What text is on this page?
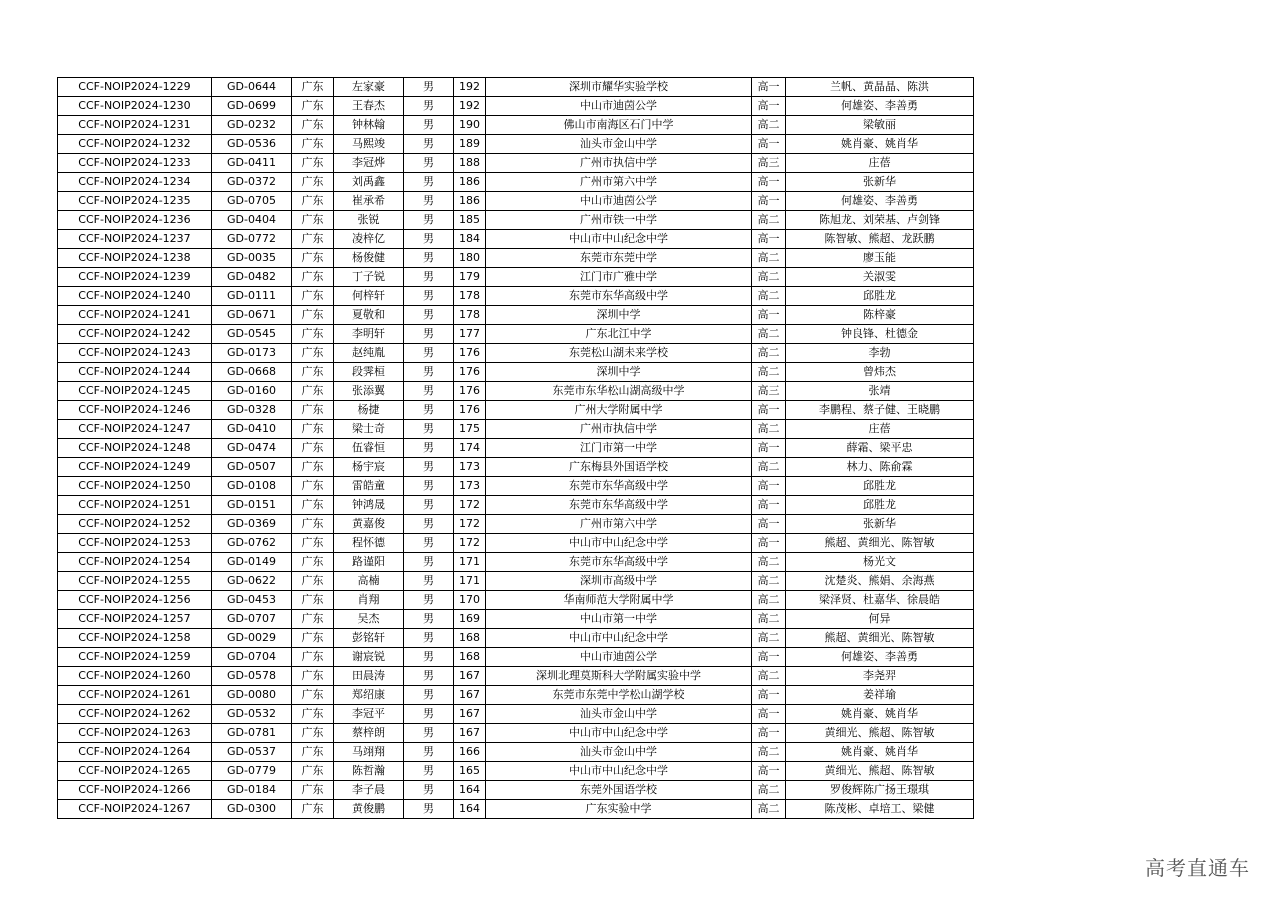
CCF-NOIP2024-1229	GD-0644	广东	左家豪	男	192	深圳市耀华实验学校	高一	兰帆、黄晶晶、陈洪
CCF-NOIP2024-1230	GD-0699	广东	王春杰	男	192	中山市迪茵公学	高一	何雄姿、李善勇
CCF-NOIP2024-1231	GD-0232	广东	钟林翰	男	190	佛山市南海区石门中学	高二	梁敏丽
CCF-NOIP2024-1232	GD-0536	广东	马熙竣	男	189	汕头市金山中学	高一	姚肖豪、姚肖华
CCF-NOIP2024-1233	GD-0411	广东	李冠烨	男	188	广州市执信中学	高三	庄蓓
CCF-NOIP2024-1234	GD-0372	广东	刘禹鑫	男	186	广州市第六中学	高一	张新华
CCF-NOIP2024-1235	GD-0705	广东	崔承希	男	186	中山市迪茵公学	高一	何雄姿、李善勇
CCF-NOIP2024-1236	GD-0404	广东	张锐	男	185	广州市铁一中学	高二	陈旭龙、刘荣基、卢剑锋
CCF-NOIP2024-1237	GD-0772	广东	凌梓亿	男	184	中山市中山纪念中学	高一	陈智敏、熊超、龙跃鹏
CCF-NOIP2024-1238	GD-0035	广东	杨俊健	男	180	东莞市东莞中学	高二	廖玉能
CCF-NOIP2024-1239	GD-0482	广东	丁子锐	男	179	江门市广雅中学	高二	关淑雯
CCF-NOIP2024-1240	GD-0111	广东	何梓轩	男	178	东莞市东华高级中学	高二	邱胜龙
CCF-NOIP2024-1241	GD-0671	广东	夏敬和	男	178	深圳中学	高一	陈梓豪
CCF-NOIP2024-1242	GD-0545	广东	李明轩	男	177	广东北江中学	高二	钟良锋、杜德金
CCF-NOIP2024-1243	GD-0173	广东	赵纯胤	男	176	东莞松山湖未来学校	高二	李勃
CCF-NOIP2024-1244	GD-0668	广东	段霁桓	男	176	深圳中学	高二	曾炜杰
CCF-NOIP2024-1245	GD-0160	广东	张添翼	男	176	东莞市东华松山湖高级中学	高三	张靖
CCF-NOIP2024-1246	GD-0328	广东	杨捷	男	176	广州大学附属中学	高一	李鹏程、蔡子健、王晓鹏
CCF-NOIP2024-1247	GD-0410	广东	梁士奇	男	175	广州市执信中学	高二	庄蓓
CCF-NOIP2024-1248	GD-0474	广东	伍睿恒	男	174	江门市第一中学	高一	薛霜、梁平忠
CCF-NOIP2024-1249	GD-0507	广东	杨宇宸	男	173	广东梅县外国语学校	高二	林力、陈俞霖
CCF-NOIP2024-1250	GD-0108	广东	雷皓童	男	173	东莞市东华高级中学	高一	邱胜龙
CCF-NOIP2024-1251	GD-0151	广东	钟鸿晟	男	172	东莞市东华高级中学	高一	邱胜龙
CCF-NOIP2024-1252	GD-0369	广东	黄嘉俊	男	172	广州市第六中学	高一	张新华
CCF-NOIP2024-1253	GD-0762	广东	程怀德	男	172	中山市中山纪念中学	高一	熊超、黄细光、陈智敏
CCF-NOIP2024-1254	GD-0149	广东	路谨阳	男	171	东莞市东华高级中学	高二	杨光文
CCF-NOIP2024-1255	GD-0622	广东	高楠	男	171	深圳市高级中学	高二	沈楚炎、熊娟、余海燕
CCF-NOIP2024-1256	GD-0453	广东	肖翔	男	170	华南师范大学附属中学	高二	梁泽贤、杜嘉华、徐晨皓
CCF-NOIP2024-1257	GD-0707	广东	吴杰	男	169	中山市第一中学	高二	何异
CCF-NOIP2024-1258	GD-0029	广东	彭铭轩	男	168	中山市中山纪念中学	高二	熊超、黄细光、陈智敏
CCF-NOIP2024-1259	GD-0704	广东	谢宸锐	男	168	中山市迪茵公学	高一	何雄姿、李善勇
CCF-NOIP2024-1260	GD-0578	广东	田晨涛	男	167	深圳北理莫斯科大学附属实验中学	高二	李尧羿
CCF-NOIP2024-1261	GD-0080	广东	郑绍康	男	167	东莞市东莞中学松山湖学校	高一	姜祥瑜
CCF-NOIP2024-1262	GD-0532	广东	李冠平	男	167	汕头市金山中学	高一	姚肖豪、姚肖华
CCF-NOIP2024-1263	GD-0781	广东	蔡梓朗	男	167	中山市中山纪念中学	高一	黄细光、熊超、陈智敏
CCF-NOIP2024-1264	GD-0537	广东	马翊翔	男	166	汕头市金山中学	高二	姚肖豪、姚肖华
CCF-NOIP2024-1265	GD-0779	广东	陈哲瀚	男	165	中山市中山纪念中学	高一	黄细光、熊超、陈智敏
CCF-NOIP2024-1266	GD-0184	广东	李子晨	男	164	东莞外国语学校	高二	罗俊辉陈广扬王璟琪
CCF-NOIP2024-1267	GD-0300	广东	黄俊鹏	男	164	广东实验中学	高二	陈茂彬、卓培工、梁健
高考直通车
